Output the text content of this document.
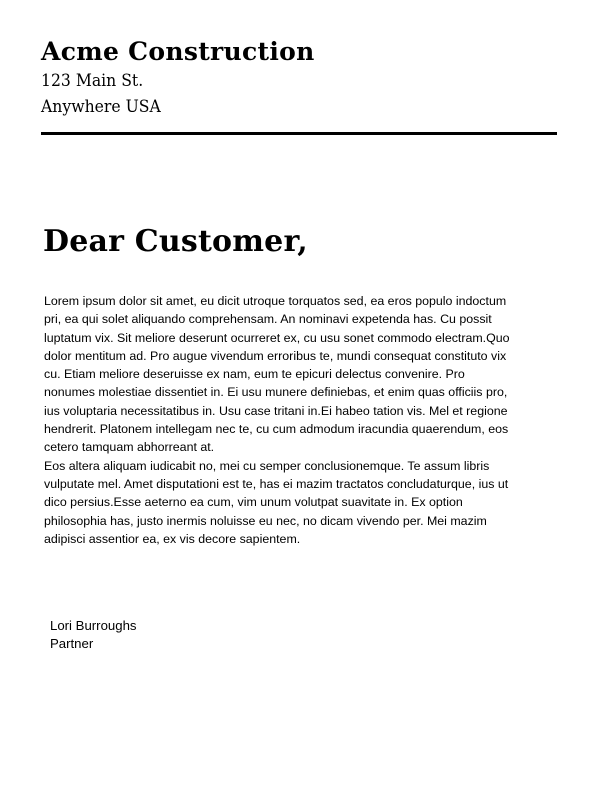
Acme Construction
123 Main St.
Anywhere USA
Dear Customer,

Lorem ipsum dolor sit amet, eu dicit utroque torquatos sed, ea eros populo indoctum pri, ea qui solet aliquando comprehensam. An nominavi expetenda has. Cu possit luptatum vix. Sit meliore deserunt ocurreret ex, cu usu sonet commodo electram.Quo dolor mentitum ad. Pro augue vivendum erroribus te, mundi consequat constituto vix cu. Etiam meliore deseruisse ex nam, eum te epicuri delectus convenire. Pro nonumes molestiae dissentiet in. Ei usu munere definiebas, et enim quas officiis pro, ius voluptaria necessitatibus in. Usu case tritani in.Ei habeo tation vis. Mel et regione hendrerit. Platonem intellegam nec te, cu cum admodum iracundia quaerendum, eos cetero tamquam abhorreant at.

Eos altera aliquam iudicabit no, mei cu semper conclusionemque. Te assum libris vulputate mel. Amet disputationi est te, has ei mazim tractatos concludaturque, ius ut dico persius.Esse aeterno ea cum, vim unum volutpat suavitate in. Ex option philosophia has, justo inermis noluisse eu nec, no dicam vivendo per. Mei mazim adipisci assentior ea, ex vis decore sapientem.

Lori Burroughs
Partner
